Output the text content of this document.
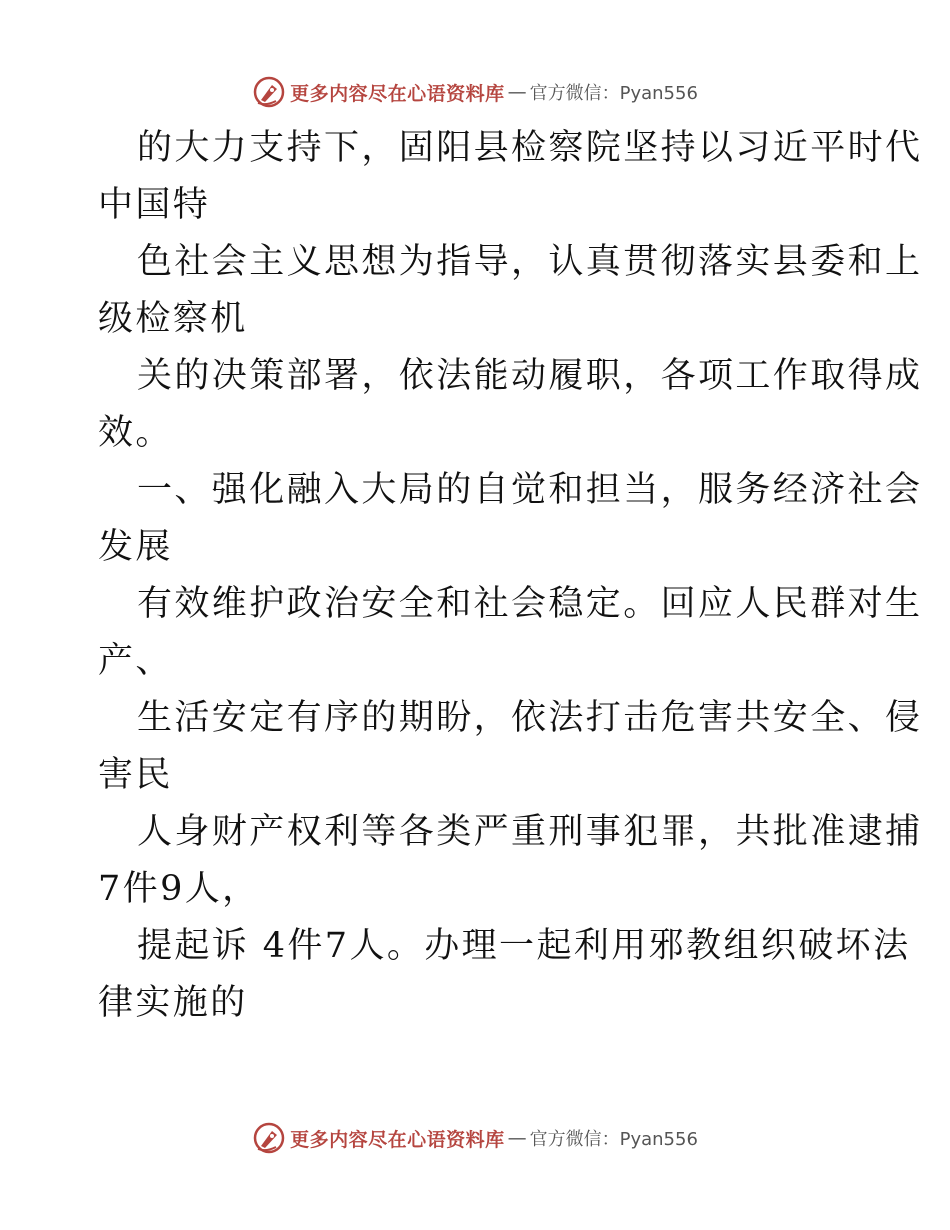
更多内容尽在心语资料库 — 官方微信：Pyan556

的大力支持下，固阳县检察院坚持以习近平时代

中国特

色社会主义思想为指导，认真贯彻落实县委和上

级检察机

关的决策部署，依法能动履职，各项工作取得成

效。

一、强化融入大局的自觉和担当，服务经济社会

发展

有效维护政治安全和社会稳定。回应人民群对生

产、

生活安定有序的期盼，依法打击危害共安全、侵

害民

人身财产权利等各类严重刑事犯罪，共批准逮捕

7件9人，

提起诉 4件7人。办理一起利用邪教组织破坏法

律实施的

更多内容尽在心语资料库 — 官方微信：Pyan556
